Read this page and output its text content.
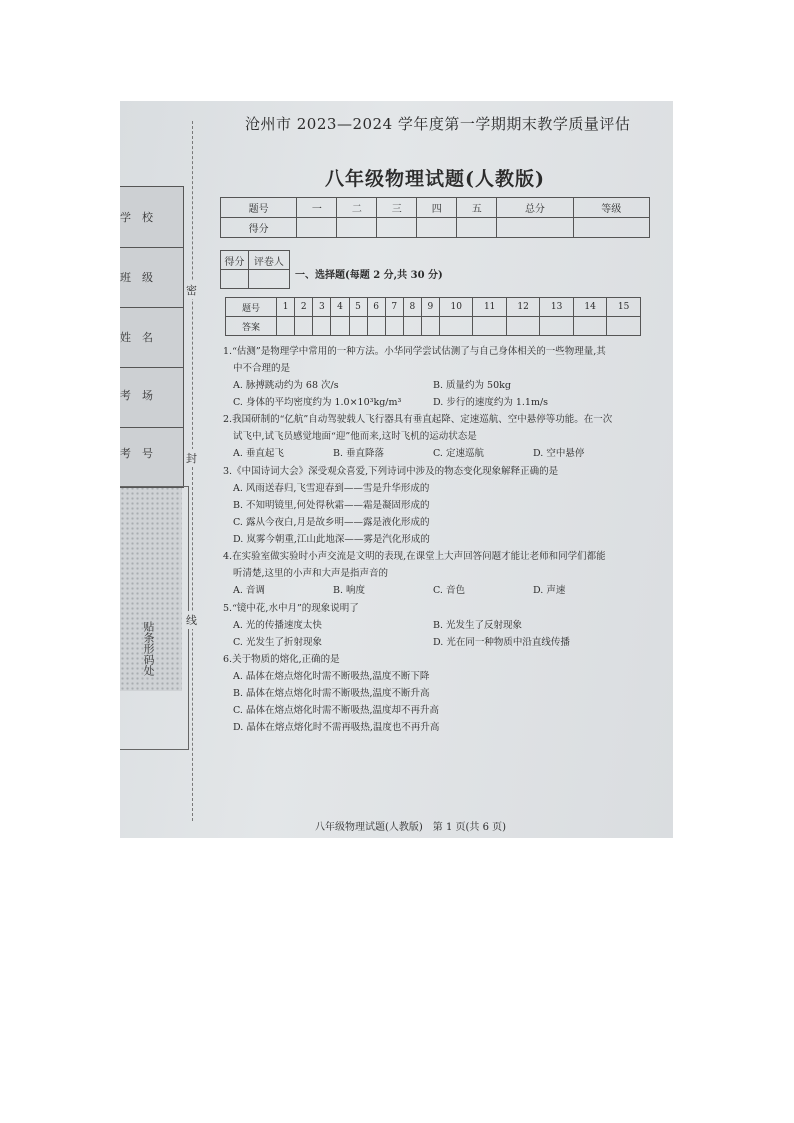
学　校
班　级
姓　名
考　场
考　号
贴条形码处
密
封
线
沧州市 2023—2024 学年度第一学期期末教学质量评估
八年级物理试题(人教版)
题号	一	二	三	四	五	总分	等级
得分							
得分	评卷人

一、选择题(每题 2 分,共 30 分)
题号	1	2	3	4	5	6	7	8	9	10	11	12	13	14	15
答案															
1.“估测”是物理学中常用的一种方法。小华同学尝试估测了与自己身体相关的一些物理量,其
中不合理的是
A. 脉搏跳动约为 68 次/s	B. 质量约为 50kg
C. 身体的平均密度约为 1.0×10³kg/m³	D. 步行的速度约为 1.1m/s
2.我国研制的“亿航”自动驾驶载人飞行器具有垂直起降、定速巡航、空中悬停等功能。在一次
试飞中,试飞员感觉地面“迎”他而来,这时飞机的运动状态是
A. 垂直起飞	B. 垂直降落	C. 定速巡航	D. 空中悬停
3.《中国诗词大会》深受观众喜爱,下列诗词中涉及的物态变化现象解释正确的是
A. 风雨送春归,飞雪迎春到——雪是升华形成的
B. 不知明镜里,何处得秋霜——霜是凝固形成的
C. 露从今夜白,月是故乡明——露是液化形成的
D. 岚雾今朝重,江山此地深——雾是汽化形成的
4.在实验室做实验时小声交流是文明的表现,在课堂上大声回答问题才能让老师和同学们都能
听清楚,这里的小声和大声是指声音的
A. 音调	B. 响度	C. 音色	D. 声速
5.“镜中花,水中月”的现象说明了
A. 光的传播速度太快	B. 光发生了反射现象
C. 光发生了折射现象	D. 光在同一种物质中沿直线传播
6.关于物质的熔化,正确的是
A. 晶体在熔点熔化时需不断吸热,温度不断下降
B. 晶体在熔点熔化时需不断吸热,温度不断升高
C. 晶体在熔点熔化时需不断吸热,温度却不再升高
D. 晶体在熔点熔化时不需再吸热,温度也不再升高
八年级物理试题(人教版)　第 1 页(共 6 页)
